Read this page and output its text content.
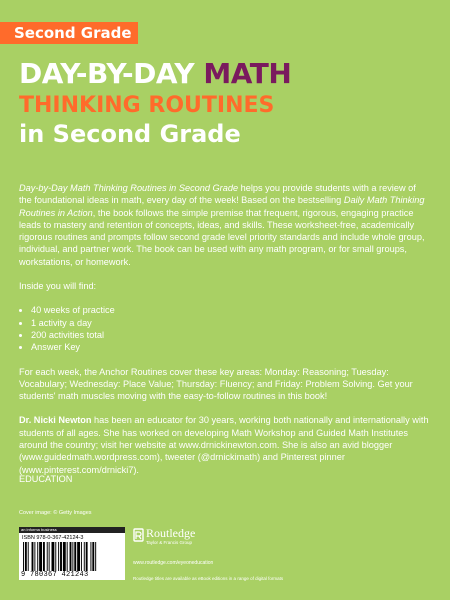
Second Grade
DAY-BY-DAY MATH
THINKING ROUTINES
in Second Grade

Day-by-Day Math Thinking Routines in Second Grade helps you provide students with a review of the foundational ideas in math, every day of the week! Based on the bestselling Daily Math Thinking Routines in Action, the book follows the simple premise that frequent, rigorous, engaging practice leads to mastery and retention of concepts, ideas, and skills. These worksheet-free, academically rigorous routines and prompts follow second grade level priority standards and include whole group, individual, and partner work. The book can be used with any math program, or for small groups, workstations, or homework.

Inside you will find:

• 40 weeks of practice
• 1 activity a day
• 200 activities total
• Answer Key

For each week, the Anchor Routines cover these key areas: Monday: Reasoning; Tuesday: Vocabulary; Wednesday: Place Value; Thursday: Fluency; and Friday: Problem Solving. Get your students' math muscles moving with the easy-to-follow routines in this book!

Dr. Nicki Newton has been an educator for 30 years, working both nationally and internationally with students of all ages. She has worked on developing Math Workshop and Guided Math Institutes around the country; visit her website at www.drnickinewton.com. She is also an avid blogger (www.guidedmath.wordpress.com), tweeter (@drnickimath) and Pinterest pinner (www.pinterest.com/drnicki7).

EDUCATION
Cover image: © Getty Images
an informa business
ISBN 978-0-367-42124-3
9 780367 421243
Routledge
Taylor & Francis Group
www.routledge.com/eyeoneducation
Routledge titles are available as eBook editions in a range of digital formats
